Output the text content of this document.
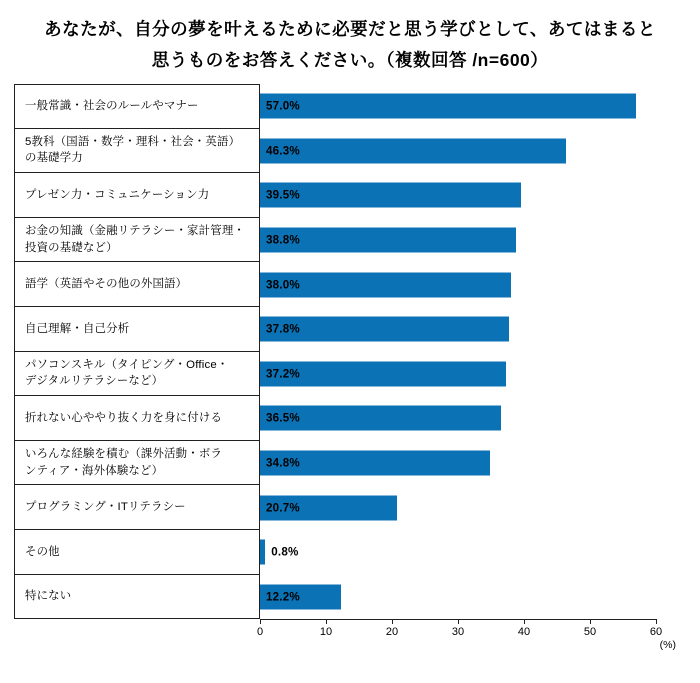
あなたが、自分の夢を叶えるために必要だと思う学びとして、あてはまると
思うものをお答えください。（複数回答 /n=600）
一般常識・社会のルールやマナー	57.0%
5教科（国語・数学・理科・社会・英語）
の基礎学力
46.3%
プレゼン力・コミュニケーション力	39.5%
お金の知識（金融リテラシー・家計管理・
投資の基礎など）
38.8%
語学（英語やその他の外国語）	38.0%
自己理解・自己分析	37.8%
パソコンスキル（タイピング・Office・
デジタルリテラシーなど）
37.2%
折れない心ややり抜く力を身に付ける	36.5%
いろんな経験を積む（課外活動・ボラ
ンティア・海外体験など）
34.8%
プログラミング・ITリテラシー	20.7%
その他	0.8%
特にない	12.2%
(%)
0	10	20	30	40	50	60
